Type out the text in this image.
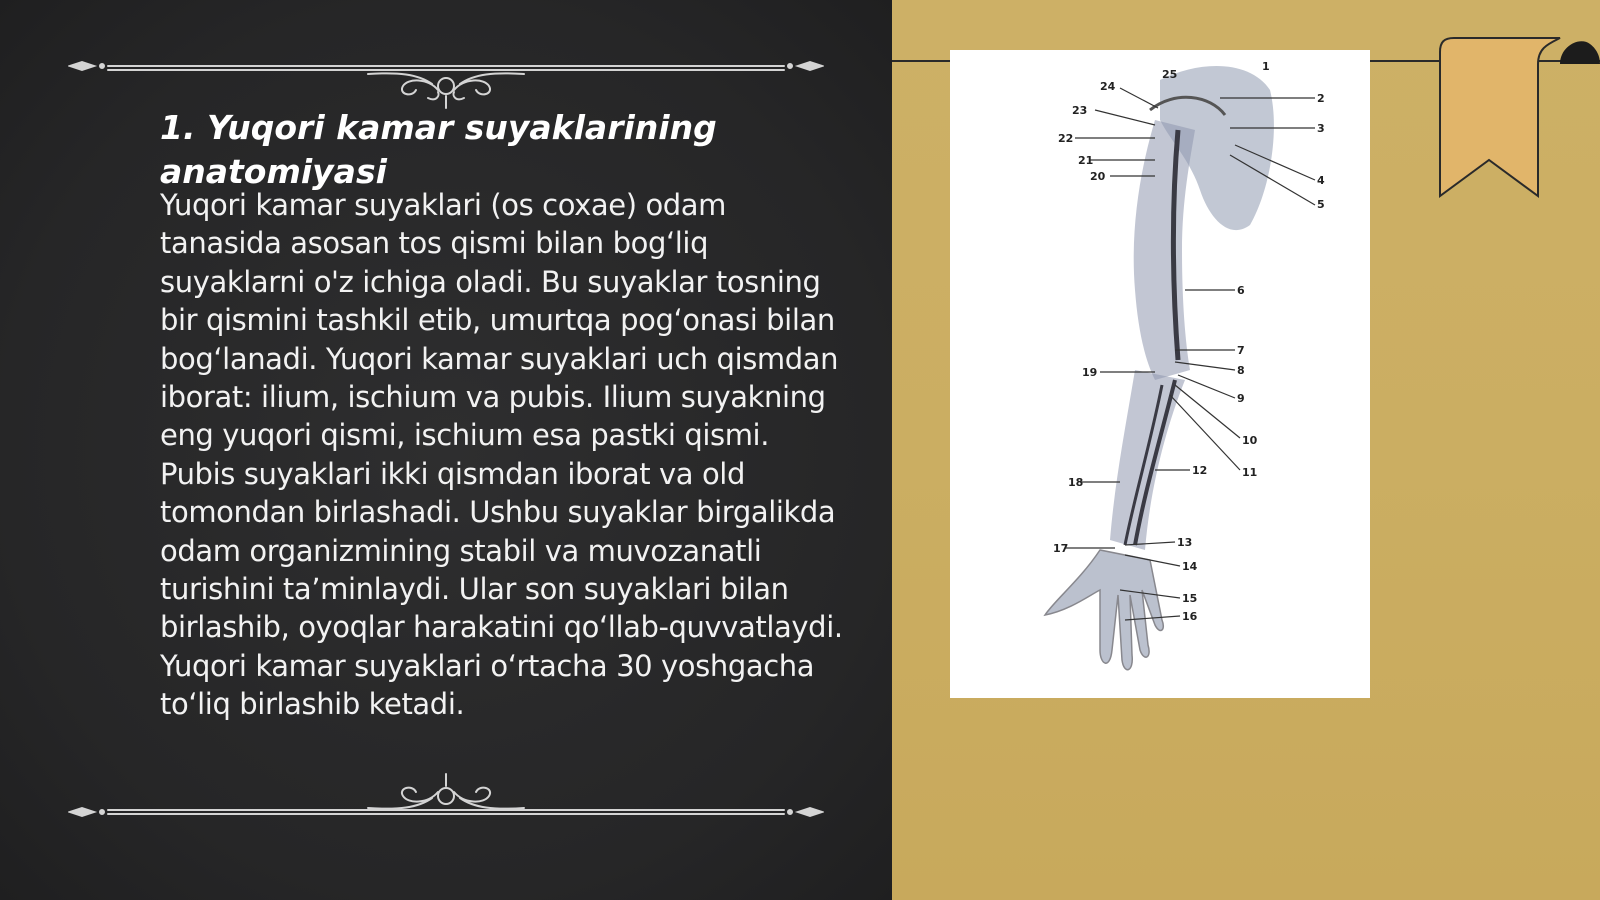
1. Yuqori kamar suyaklarining anatomiyasi

Yuqori kamar suyaklari (os coxae) odam tanasida asosan tos qismi bilan bog‘liq suyaklarni o'z ichiga oladi. Bu suyaklar tosning bir qismini tashkil etib, umurtqa pog‘onasi bilan bog‘lanadi. Yuqori kamar suyaklari uch qismdan iborat: ilium, ischium va pubis. Ilium suyakning eng yuqori qismi, ischium esa pastki qismi. Pubis suyaklari ikki qismdan iborat va old tomondan birlashadi. Ushbu suyaklar birgalikda odam organizmining stabil va muvozanatli turishini ta’minlaydi. Ular son suyaklari bilan birlashib, oyoqlar harakatini qo‘llab-quvvatlaydi. Yuqori kamar suyaklari o‘rtacha 30 yoshgacha to‘liq birlashib ketadi.

1
2
3
4
5
6
7
8
9
10
11
12
13
14
15
16
17
18
19
20
21
22
23
24
25
